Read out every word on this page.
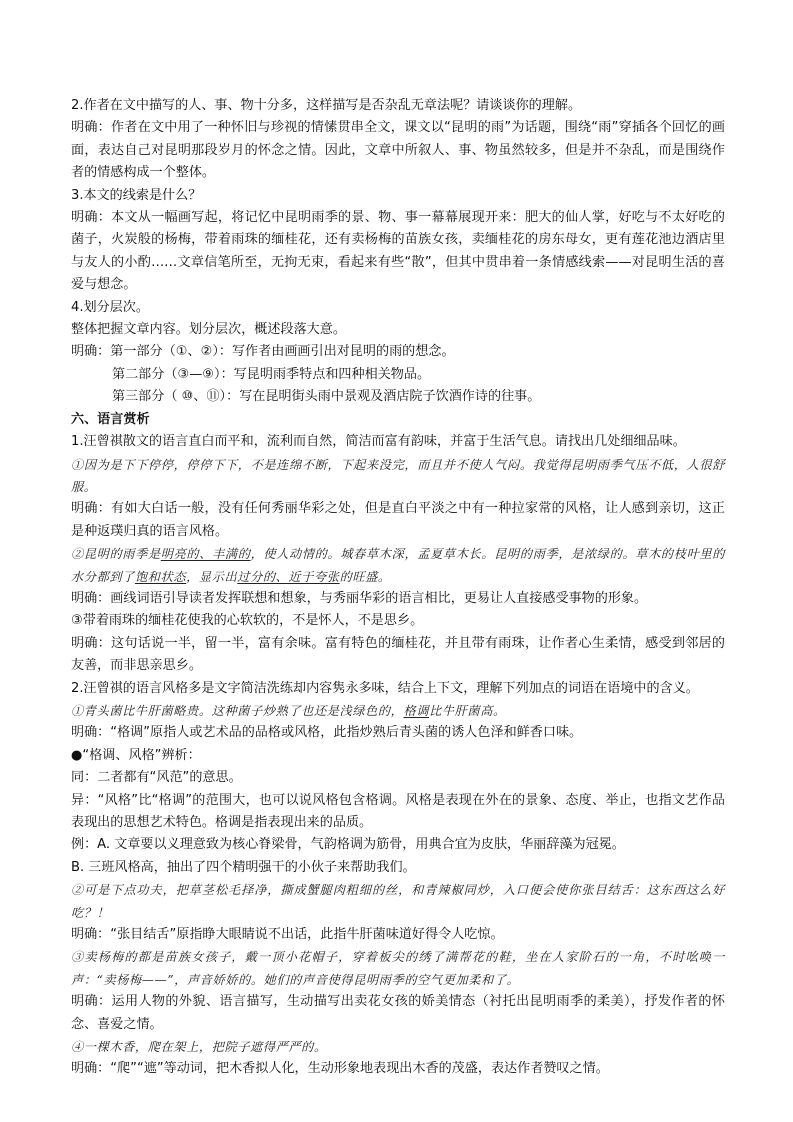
2.作者在文中描写的人、事、物十分多，这样描写是否杂乱无章法呢？请谈谈你的理解。
明确：作者在文中用了一种怀旧与珍视的情愫贯串全文，课文以“昆明的雨”为话题，围绕“雨”穿插各个回忆的画面，表达自己对昆明那段岁月的怀念之情。因此，文章中所叙人、事、物虽然较多，但是并不杂乱，而是围绕作者的情感构成一个整体。
3.本文的线索是什么？
明确：本文从一幅画写起，将记忆中昆明雨季的景、物、事一幕幕展现开来：肥大的仙人掌，好吃与不太好吃的菌子，火炭般的杨梅，带着雨珠的缅桂花，还有卖杨梅的苗族女孩，卖缅桂花的房东母女，更有莲花池边酒店里与友人的小酌……文章信笔所至，无拘无束，看起来有些“散”，但其中贯串着一条情感线索——对昆明生活的喜爱与想念。
4.划分层次。
整体把握文章内容。划分层次，概述段落大意。
明确：第一部分（①、②）：写作者由画画引出对昆明的雨的想念。
第二部分（③—⑨）：写昆明雨季特点和四种相关物品。
第三部分（ ⑩、⑪）：写在昆明街头雨中景观及酒店院子饮酒作诗的往事。
六、语言赏析
1.汪曾祺散文的语言直白而平和，流利而自然，简洁而富有韵味，并富于生活气息。请找出几处细细品味。
①因为是下下停停，停停下下，不是连绵不断，下起来没完，而且并不使人气闷。我觉得昆明雨季气压不低，人很舒服。
明确：有如大白话一般，没有任何秀丽华彩之处，但是直白平淡之中有一种拉家常的风格，让人感到亲切，这正是种返璞归真的语言风格。
②昆明的雨季是明亮的、丰满的，使人动情的。城春草木深，孟夏草木长。昆明的雨季，是浓绿的。草木的枝叶里的水分都到了饱和状态，显示出过分的、近于夸张的旺盛。
明确：画线词语引导读者发挥联想和想象，与秀丽华彩的语言相比，更易让人直接感受事物的形象。
③带着雨珠的缅桂花使我的心软软的，不是怀人，不是思乡。
明确：这句话说一半，留一半，富有余味。富有特色的缅桂花，并且带有雨珠，让作者心生柔情，感受到邻居的友善，而非思亲思乡。
2.汪曾祺的语言风格多是文字简洁洗练却内容隽永多味，结合上下文，理解下列加点的词语在语境中的含义。
①青头菌比牛肝菌略贵。这种菌子炒熟了也还是浅绿色的，格调比牛肝菌高。
明确：“格调”原指人或艺术品的品格或风格，此指炒熟后青头菌的诱人色泽和鲜香口味。
●“格调、风格”辨析：
同：二者都有“风范”的意思。
异：“风格”比“格调”的范围大，也可以说风格包含格调。风格是表现在外在的景象、态度、举止，也指文艺作品表现出的思想艺术特色。格调是指表现出来的品质。
例：A. 文章要以义理意致为核心脊梁骨，气韵格调为筋骨，用典合宜为皮肤，华丽辞藻为冠冕。
B. 三班风格高，抽出了四个精明强干的小伙子来帮助我们。
②可是下点功夫，把草茎松毛择净，撕成蟹腿肉粗细的丝，和青辣椒同炒，入口便会使你张目结舌：这东西这么好吃？！
明确：“张目结舌”原指睁大眼睛说不出话，此指牛肝菌味道好得令人吃惊。
③卖杨梅的都是苗族女孩子，戴一顶小花帽子，穿着板尖的绣了满帮花的鞋，坐在人家阶石的一角，不时吆唤一声：“卖杨梅——”，声音娇娇的。她们的声音使得昆明雨季的空气更加柔和了。
明确：运用人物的外貌、语言描写，生动描写出卖花女孩的娇美情态（衬托出昆明雨季的柔美），抒发作者的怀念、喜爱之情。
④一棵木香，爬在架上，把院子遮得严严的。
明确：“爬”“遮”等动词，把木香拟人化，生动形象地表现出木香的茂盛，表达作者赞叹之情。
